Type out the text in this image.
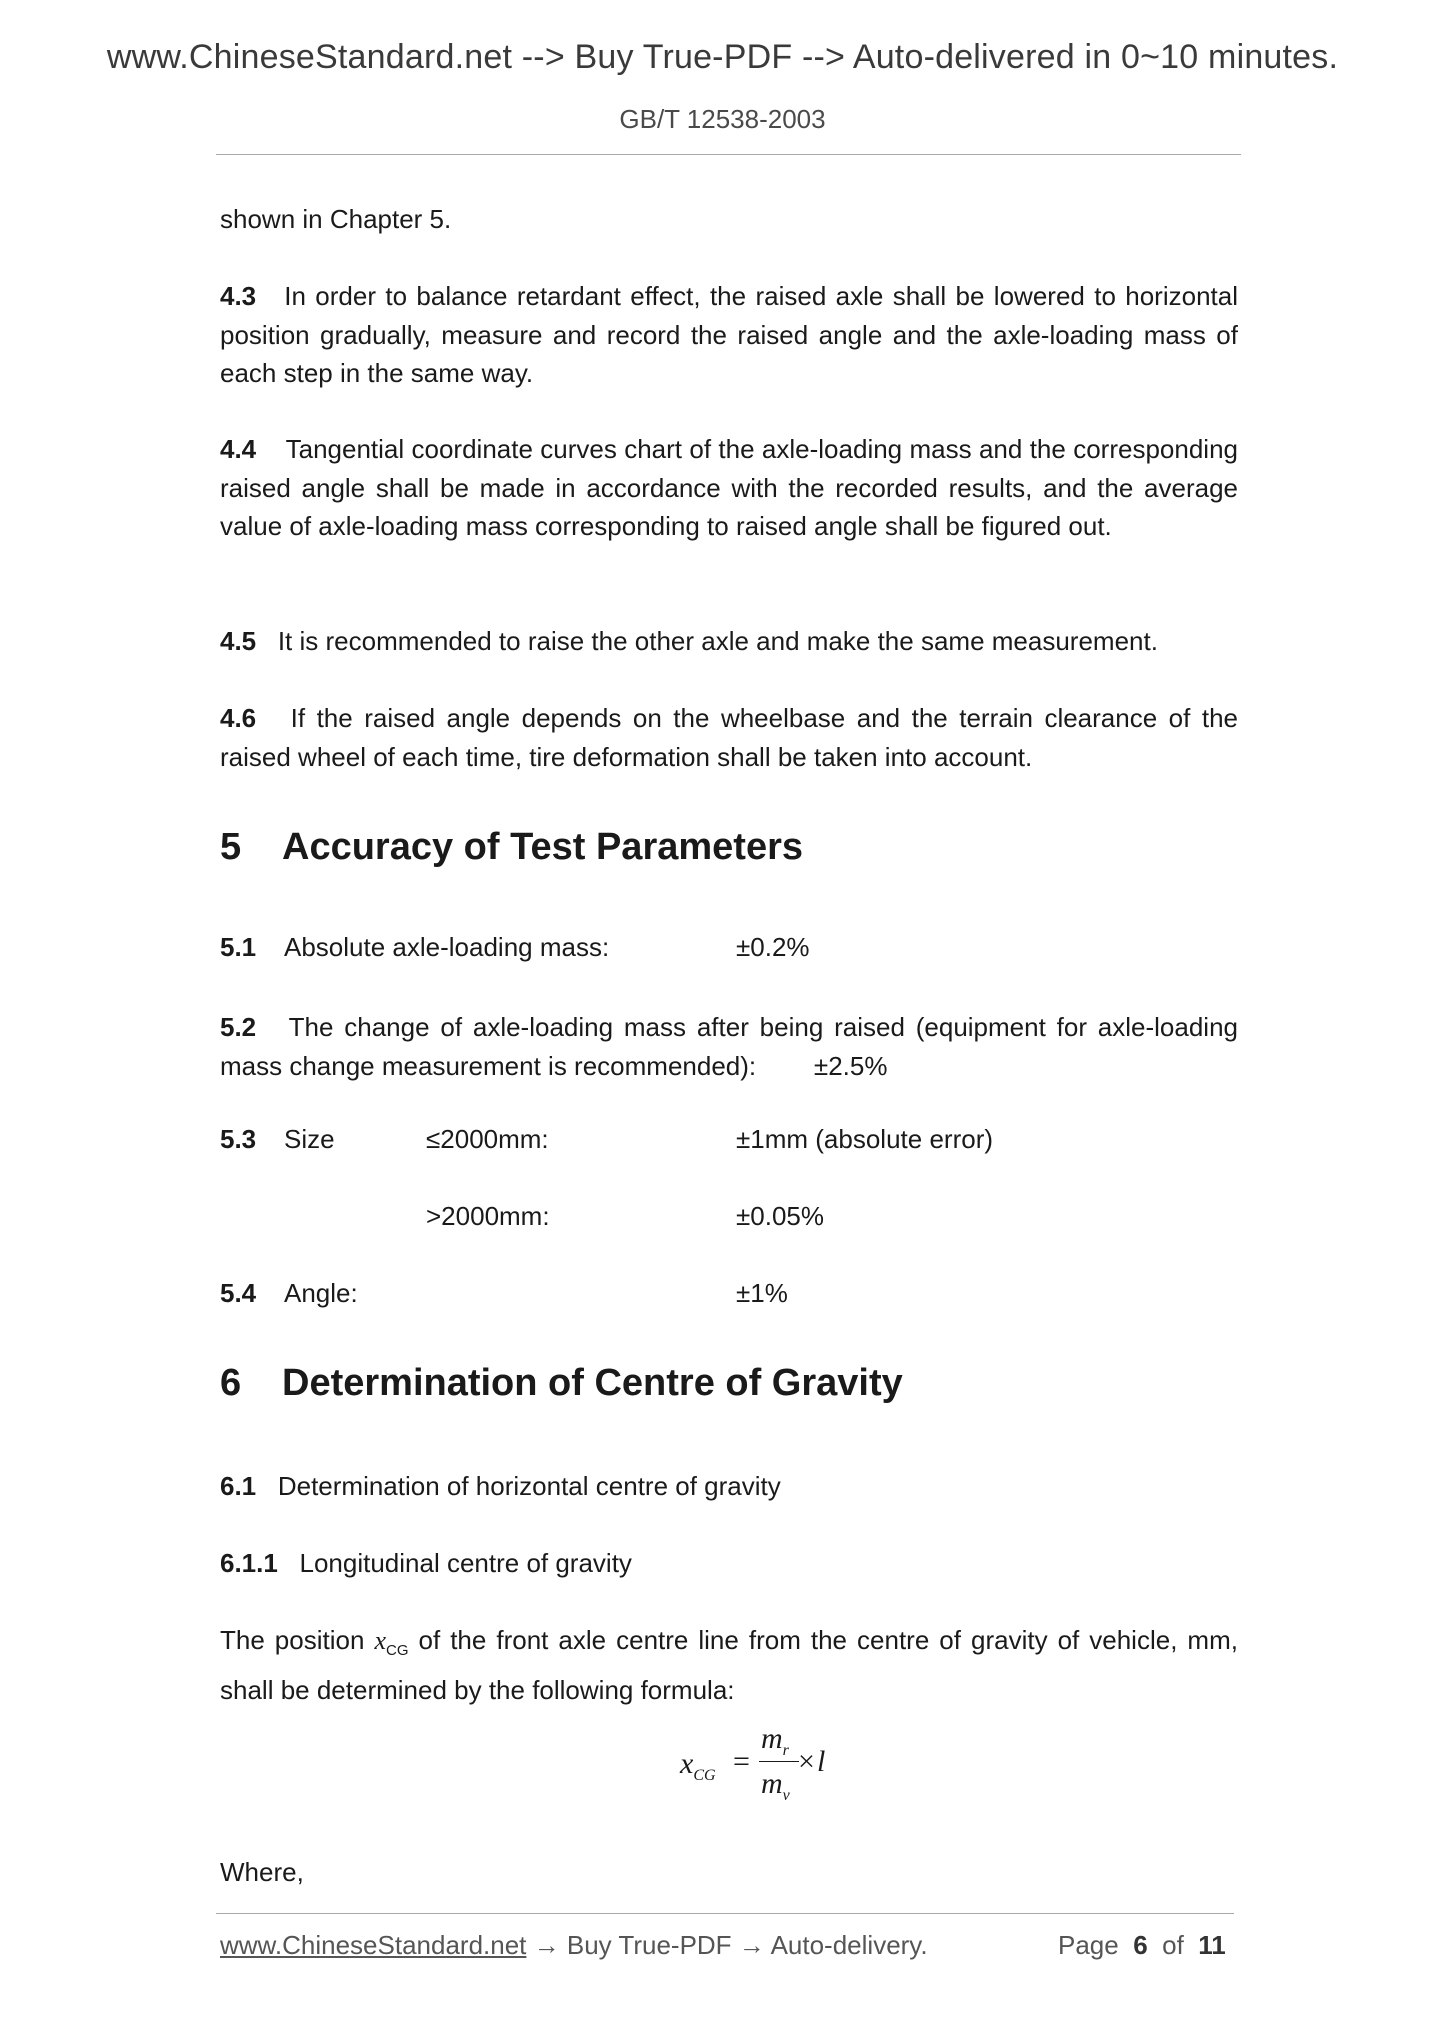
www.ChineseStandard.net --> Buy True-PDF --> Auto-delivered in 0~10 minutes.
GB/T 12538-2003
shown in Chapter 5.
4.3 In order to balance retardant effect, the raised axle shall be lowered to horizontal position gradually, measure and record the raised angle and the axle-loading mass of each step in the same way.
4.4 Tangential coordinate curves chart of the axle-loading mass and the corresponding raised angle shall be made in accordance with the recorded results, and the average value of axle-loading mass corresponding to raised angle shall be figured out.
4.5 It is recommended to raise the other axle and make the same measurement.
4.6 If the raised angle depends on the wheelbase and the terrain clearance of the raised wheel of each time, tire deformation shall be taken into account.
5 Accuracy of Test Parameters
5.1 Absolute axle-loading mass:	±0.2%
5.2 The change of axle-loading mass after being raised (equipment for axle-loading mass change measurement is recommended): ±2.5%
5.3 Size	≤2000mm:	±1mm (absolute error)
>2000mm:	±0.05%
5.4 Angle:	±1%
6 Determination of Centre of Gravity
6.1 Determination of horizontal centre of gravity
6.1.1 Longitudinal centre of gravity
The position $x_{CG}$ of the front axle centre line from the centre of gravity of vehicle, mm, shall be determined by the following formula:
$x_{CG}$ =
$m_r$
$m_v$
× l
Where,
www.ChineseStandard.net → Buy True-PDF → Auto-delivery.	Page 6 of 11
